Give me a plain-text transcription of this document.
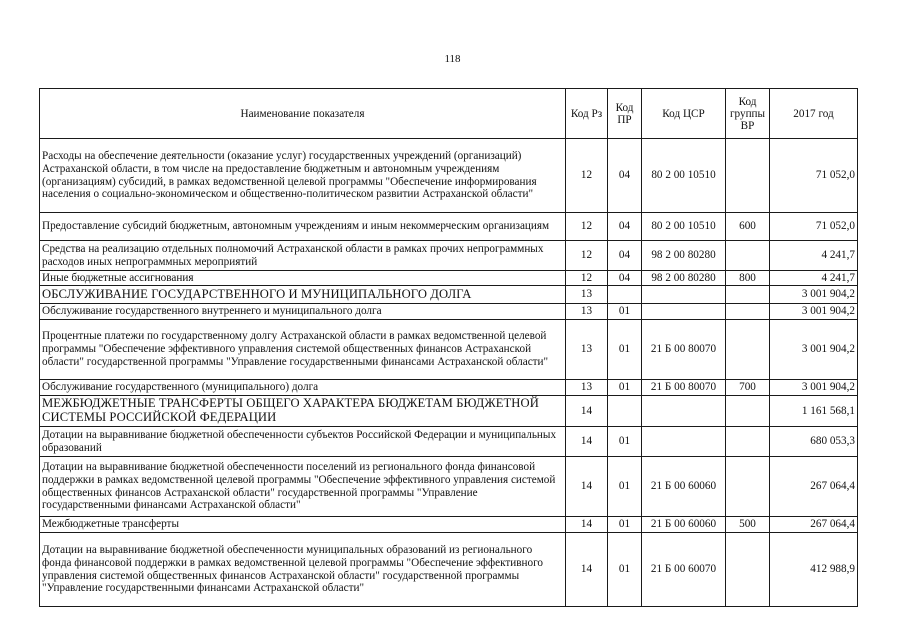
118
Наименование показателя	Код Рз	Код ПР	Код ЦСР	Код группы ВР	2017 год
Расходы на обеспечение деятельности (оказание услуг) государственных учреждений (организаций) Астраханской области, в том числе на предоставление бюджетным и автономным учреждениям (организациям) субсидий, в рамках ведомственной целевой программы "Обеспечение информирования населения о социально-экономическом и общественно-политическом развитии Астраханской области"	12	04	80 2 00 10510		71 052,0
Предоставление субсидий бюджетным, автономным учреждениям и иным некоммерческим организациям	12	04	80 2 00 10510	600	71 052,0
Средства на реализацию отдельных полномочий Астраханской области в рамках прочих непрограммных расходов иных непрограммных мероприятий	12	04	98 2 00 80280		4 241,7
Иные бюджетные ассигнования	12	04	98 2 00 80280	800	4 241,7
ОБСЛУЖИВАНИЕ ГОСУДАРСТВЕННОГО И МУНИЦИПАЛЬНОГО ДОЛГА	13				3 001 904,2
Обслуживание государственного внутреннего и муниципального долга	13	01			3 001 904,2
Процентные платежи по государственному долгу Астраханской области в рамках ведомственной целевой программы "Обеспечение эффективного управления системой общественных финансов Астраханской области" государственной программы "Управление государственными финансами Астраханской области"	13	01	21 Б 00 80070		3 001 904,2
Обслуживание государственного (муниципального) долга	13	01	21 Б 00 80070	700	3 001 904,2
МЕЖБЮДЖЕТНЫЕ ТРАНСФЕРТЫ ОБЩЕГО ХАРАКТЕРА БЮДЖЕТАМ БЮДЖЕТНОЙ СИСТЕМЫ РОССИЙСКОЙ ФЕДЕРАЦИИ	14				1 161 568,1
Дотации на выравнивание бюджетной обеспеченности субъектов Российской Федерации и муниципальных образований	14	01			680 053,3
Дотации на выравнивание бюджетной обеспеченности поселений из регионального фонда финансовой поддержки в рамках ведомственной целевой программы "Обеспечение эффективного управления системой общественных финансов Астраханской области" государственной программы "Управление государственными финансами Астраханской области"	14	01	21 Б 00 60060		267 064,4
Межбюджетные трансферты	14	01	21 Б 00 60060	500	267 064,4
Дотации на выравнивание бюджетной обеспеченности муниципальных образований из регионального фонда финансовой поддержки в рамках ведомственной целевой программы "Обеспечение эффективного управления системой общественных финансов Астраханской области" государственной программы "Управление государственными финансами Астраханской области"	14	01	21 Б 00 60070		412 988,9
